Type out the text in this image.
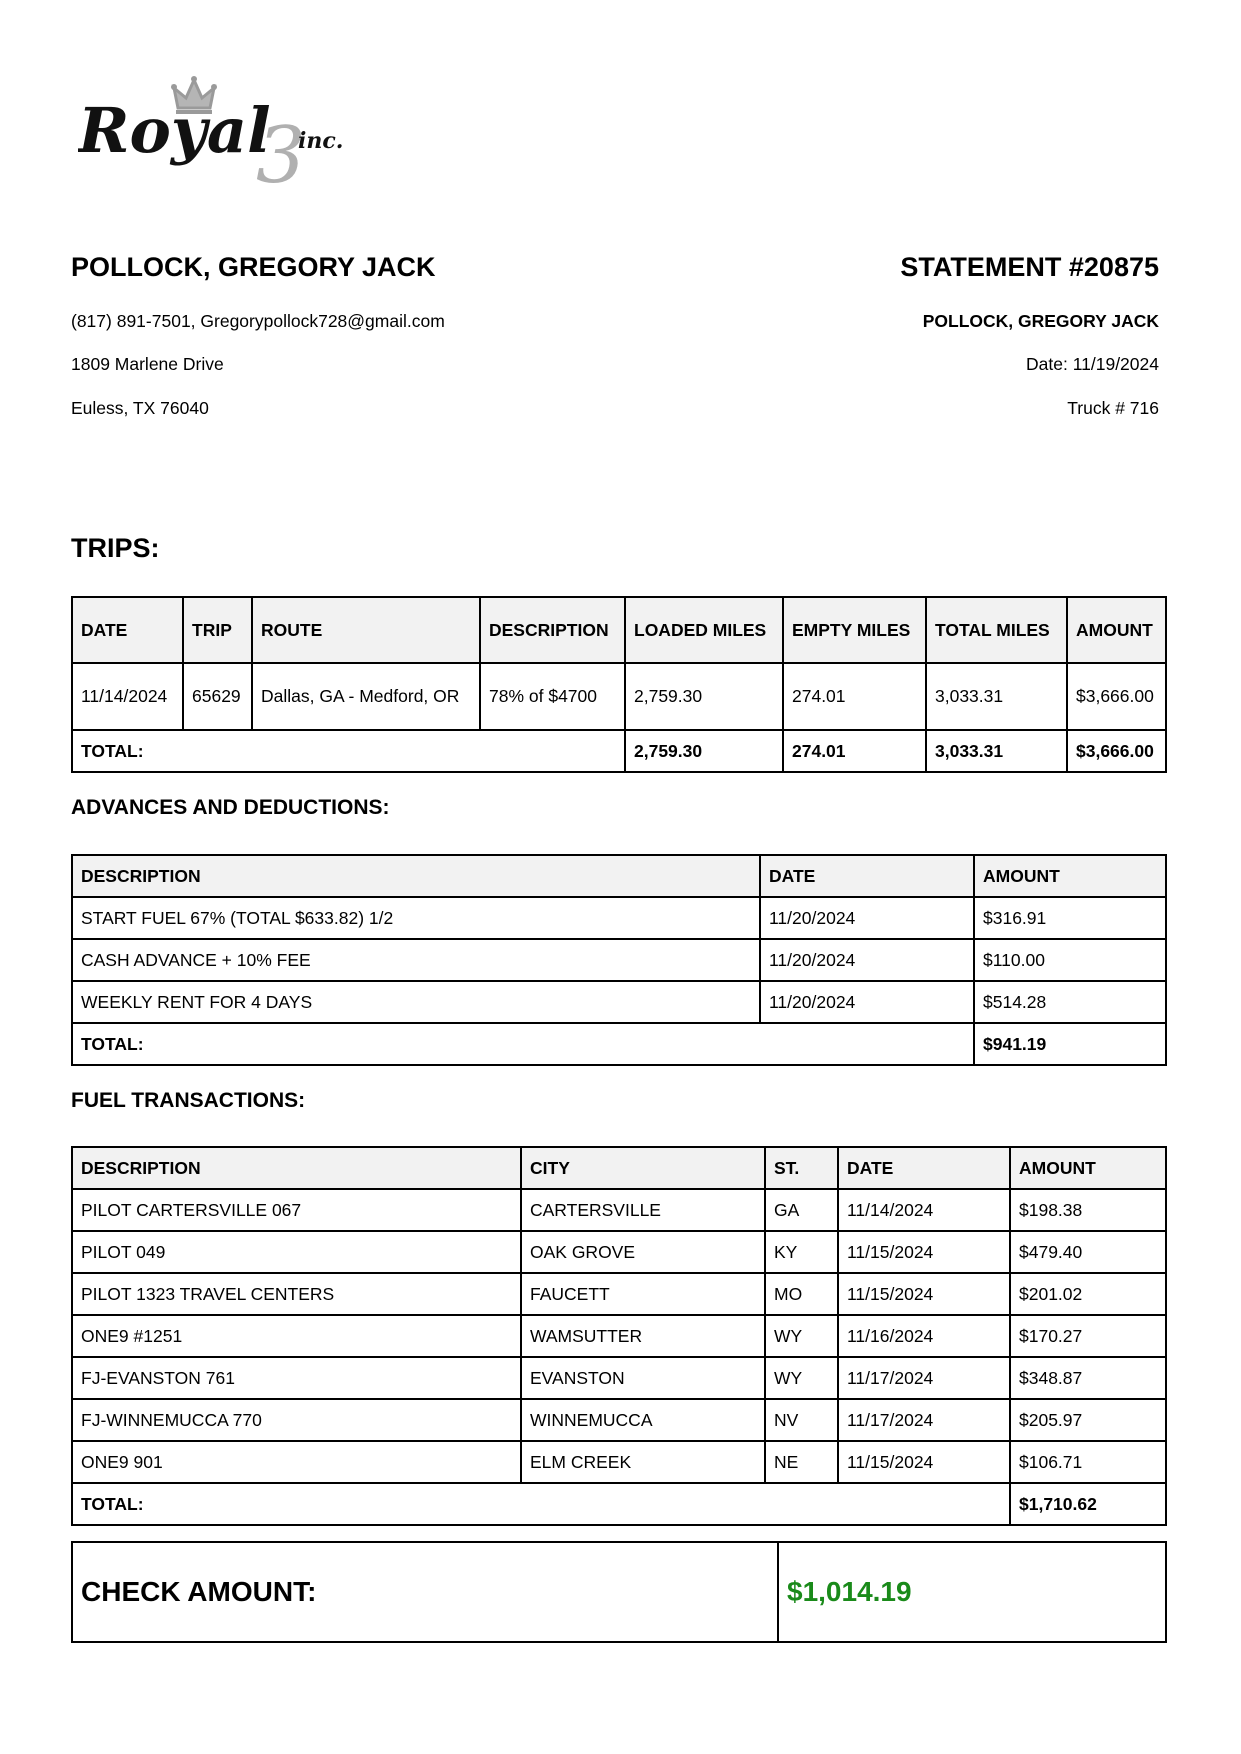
3
Royal inc.
POLLOCK, GREGORY JACK
(817) 891-7501, Gregorypollock728@gmail.com
1809 Marlene Drive
Euless, TX 76040
STATEMENT #20875
POLLOCK, GREGORY JACK
Date: 11/19/2024
Truck # 716
TRIPS:
DATE	TRIP	ROUTE	DESCRIPTION	LOADED MILES	EMPTY MILES	TOTAL MILES	AMOUNT
11/14/2024	65629	Dallas, GA - Medford, OR	78% of $4700	2,759.30	274.01	3,033.31	$3,666.00
TOTAL:				2,759.30	274.01	3,033.31	$3,666.00
ADVANCES AND DEDUCTIONS:
DESCRIPTION	DATE	AMOUNT
START FUEL 67% (TOTAL $633.82) 1/2	11/20/2024	$316.91
CASH ADVANCE + 10% FEE	11/20/2024	$110.00
WEEKLY RENT FOR 4 DAYS	11/20/2024	$514.28
TOTAL:		$941.19
FUEL TRANSACTIONS:
DESCRIPTION	CITY	ST.	DATE	AMOUNT
PILOT CARTERSVILLE 067	CARTERSVILLE	GA	11/14/2024	$198.38
PILOT 049	OAK GROVE	KY	11/15/2024	$479.40
PILOT 1323 TRAVEL CENTERS	FAUCETT	MO	11/15/2024	$201.02
ONE9 #1251	WAMSUTTER	WY	11/16/2024	$170.27
FJ-EVANSTON 761	EVANSTON	WY	11/17/2024	$348.87
FJ-WINNEMUCCA 770	WINNEMUCCA	NV	11/17/2024	$205.97
ONE9 901	ELM CREEK	NE	11/15/2024	$106.71
TOTAL:				$1,710.62
CHECK AMOUNT:	$1,014.19
